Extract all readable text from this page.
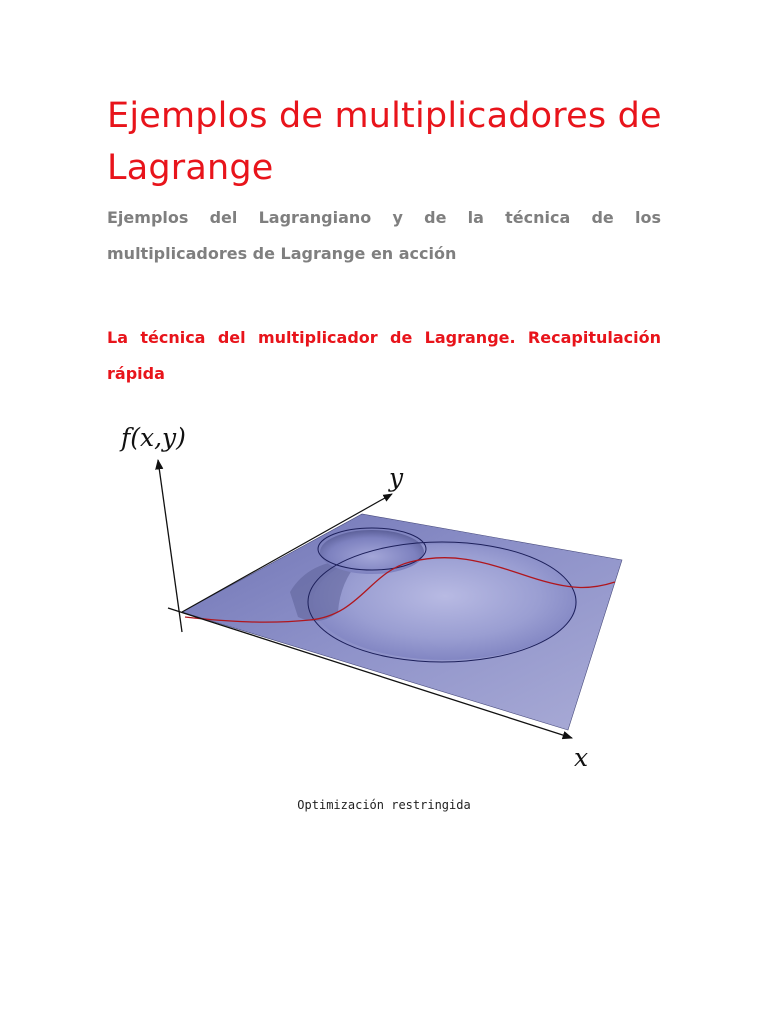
Ejemplos de multiplicadores de Lagrange

Ejemplos del Lagrangiano y de la técnica de los multiplicadores de Lagrange en acción

La técnica del multiplicador de Lagrange. Recapitulación rápida
f(x,y)
y
x

Optimización restringida
